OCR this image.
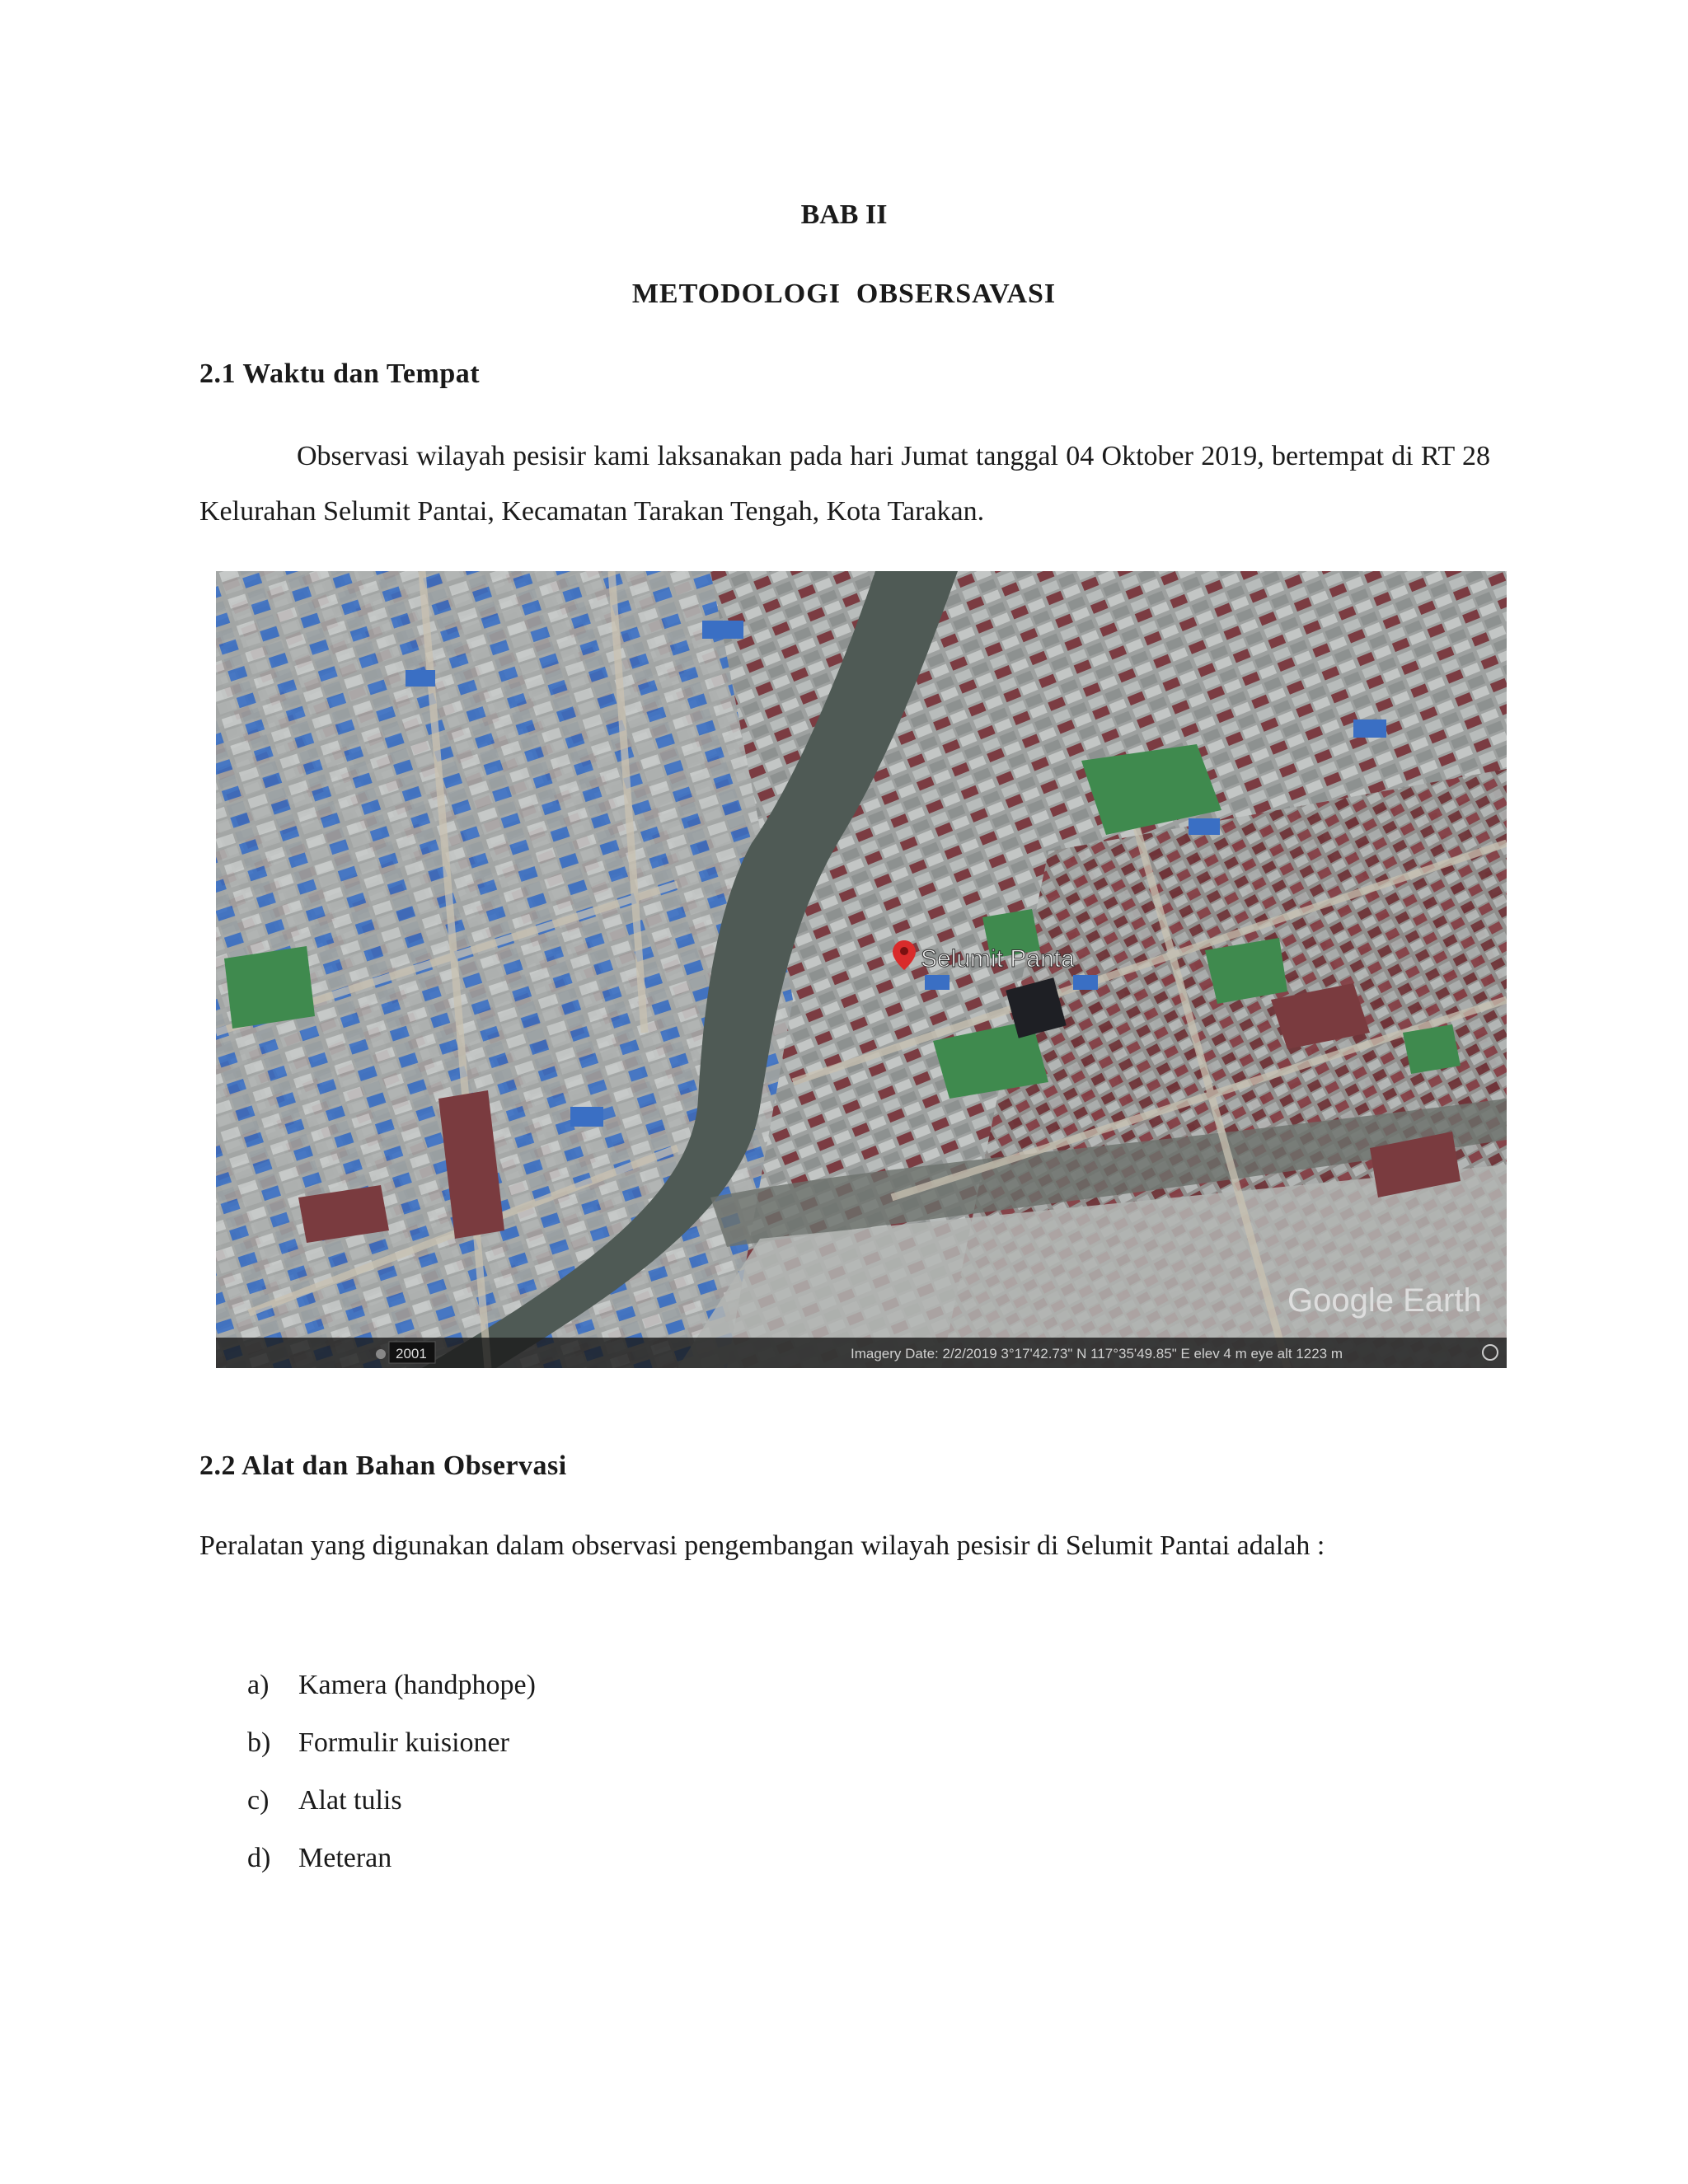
BAB II
METODOLOGI  OBSERSAVASI
2.1 Waktu dan Tempat
Observasi wilayah pesisir kami laksanakan pada hari Jumat tanggal 04 Oktober 2019, bertempat di RT 28 Kelurahan Selumit Pantai, Kecamatan Tarakan Tengah, Kota Tarakan.
Selumit Panta
Google Earth
2001	Imagery Date: 2/2/2019 3°17'42.73" N 117°35'49.85" E elev 4 m eye alt 1223 m
2.2 Alat dan Bahan Observasi
Peralatan yang digunakan dalam observasi pengembangan wilayah pesisir di Selumit Pantai adalah :
a) Kamera (handphope)
b) Formulir kuisioner
c) Alat tulis
d) Meteran
